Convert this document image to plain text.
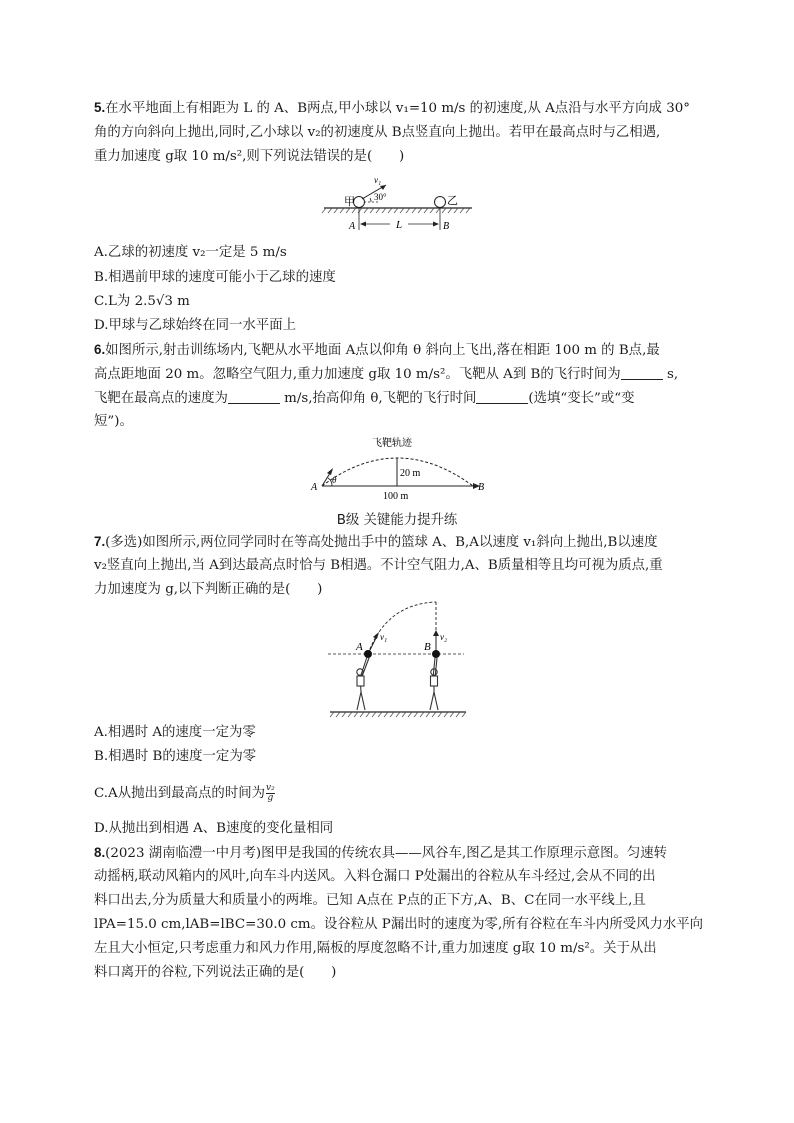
5.在水平地面上有相距为 L 的 A、B两点,甲小球以 v₁=10 m/s 的初速度,从 A点沿与水平方向成 30°
角的方向斜向上抛出,同时,乙小球以 v₂的初速度从 B点竖直向上抛出。若甲在最高点时与乙相遇,
重力加速度 g取 10 m/s²,则下列说法错误的是(　　)
甲	乙
v₁
30°
A	B
L
A.乙球的初速度 v₂一定是 5 m/s
B.相遇前甲球的速度可能小于乙球的速度
C.L为 2.5√3 m
D.甲球与乙球始终在同一水平面上
6.如图所示,射击训练场内,飞靶从水平地面 A点以仰角 θ 斜向上飞出,落在相距 100 m 的 B点,最
高点距地面 20 m。忽略空气阻力,重力加速度 g取 10 m/s²。飞靶从 A到 B的飞行时间为	s,
飞靶在最高点的速度为	m/s,抬高仰角 θ,飞靶的飞行时间	(选填“变长”或“变
短”)。
飞靶轨迹
θ
20 m
100 m
A	B
B级 关键能力提升练
7.(多选)如图所示,两位同学同时在等高处抛出手中的篮球 A、B,A以速度 v₁斜向上抛出,B以速度
v₂竖直向上抛出,当 A到达最高点时恰与 B相遇。不计空气阻力,A、B质量相等且均可视为质点,重
力加速度为 g,以下判断正确的是(　　)
A	B
v₁	v₂
A.相遇时 A的速度一定为零
B.相遇时 B的速度一定为零
C.A从抛出到最高点的时间为 $\frac{\text{v₂}}{g}$
D.从抛出到相遇 A、B速度的变化量相同
8.(2023 湖南临澧一中月考)图甲是我国的传统农具——风谷车,图乙是其工作原理示意图。匀速转
动摇柄,联动风箱内的风叶,向车斗内送风。入料仓漏口 P处漏出的谷粒从车斗经过,会从不同的出
料口出去,分为质量大和质量小的两堆。已知 A点在 P点的正下方,A、B、C在同一水平线上,且
lPA=15.0 cm,lAB=lBC=30.0 cm。设谷粒从 P漏出时的速度为零,所有谷粒在车斗内所受风力水平向
左且大小恒定,只考虑重力和风力作用,隔板的厚度忽略不计,重力加速度 g取 10 m/s²。关于从出
料口离开的谷粒,下列说法正确的是(　　)
